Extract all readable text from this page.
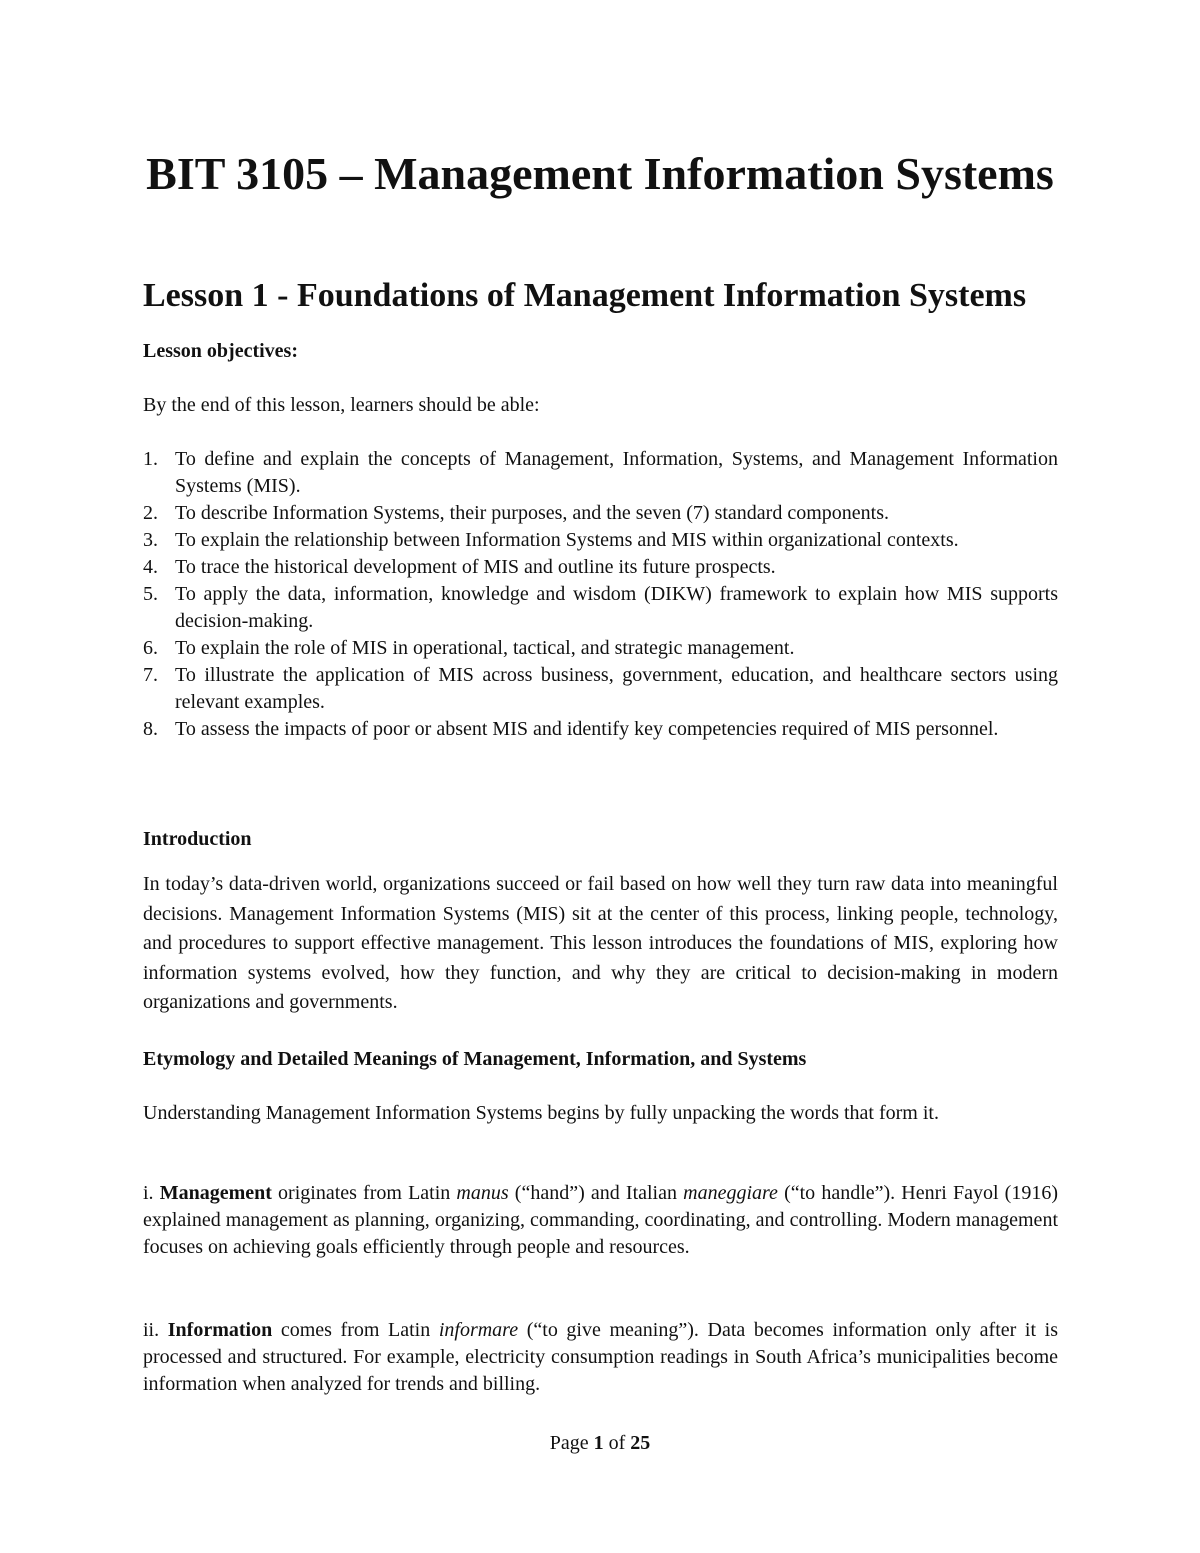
BIT 3105 – Management Information Systems
Lesson 1 - Foundations of Management Information Systems
Lesson objectives:
By the end of this lesson, learners should be able:
1. To define and explain the concepts of Management, Information, Systems, and Management Information Systems (MIS).
2. To describe Information Systems, their purposes, and the seven (7) standard components.
3. To explain the relationship between Information Systems and MIS within organizational contexts.
4. To trace the historical development of MIS and outline its future prospects.
5. To apply the data, information, knowledge and wisdom (DIKW) framework to explain how MIS supports decision-making.
6. To explain the role of MIS in operational, tactical, and strategic management.
7. To illustrate the application of MIS across business, government, education, and healthcare sectors using relevant examples.
8. To assess the impacts of poor or absent MIS and identify key competencies required of MIS personnel.
Introduction
In today’s data-driven world, organizations succeed or fail based on how well they turn raw data into meaningful decisions. Management Information Systems (MIS) sit at the center of this process, linking people, technology, and procedures to support effective management. This lesson introduces the foundations of MIS, exploring how information systems evolved, how they function, and why they are critical to decision-making in modern organizations and governments.
Etymology and Detailed Meanings of Management, Information, and Systems
Understanding Management Information Systems begins by fully unpacking the words that form it.
i. Management originates from Latin manus (“hand”) and Italian maneggiare (“to handle”). Henri Fayol (1916) explained management as planning, organizing, commanding, coordinating, and controlling. Modern management focuses on achieving goals efficiently through people and resources.
ii. Information comes from Latin informare (“to give meaning”). Data becomes information only after it is processed and structured. For example, electricity consumption readings in South Africa’s municipalities become information when analyzed for trends and billing.
Page 1 of 25
